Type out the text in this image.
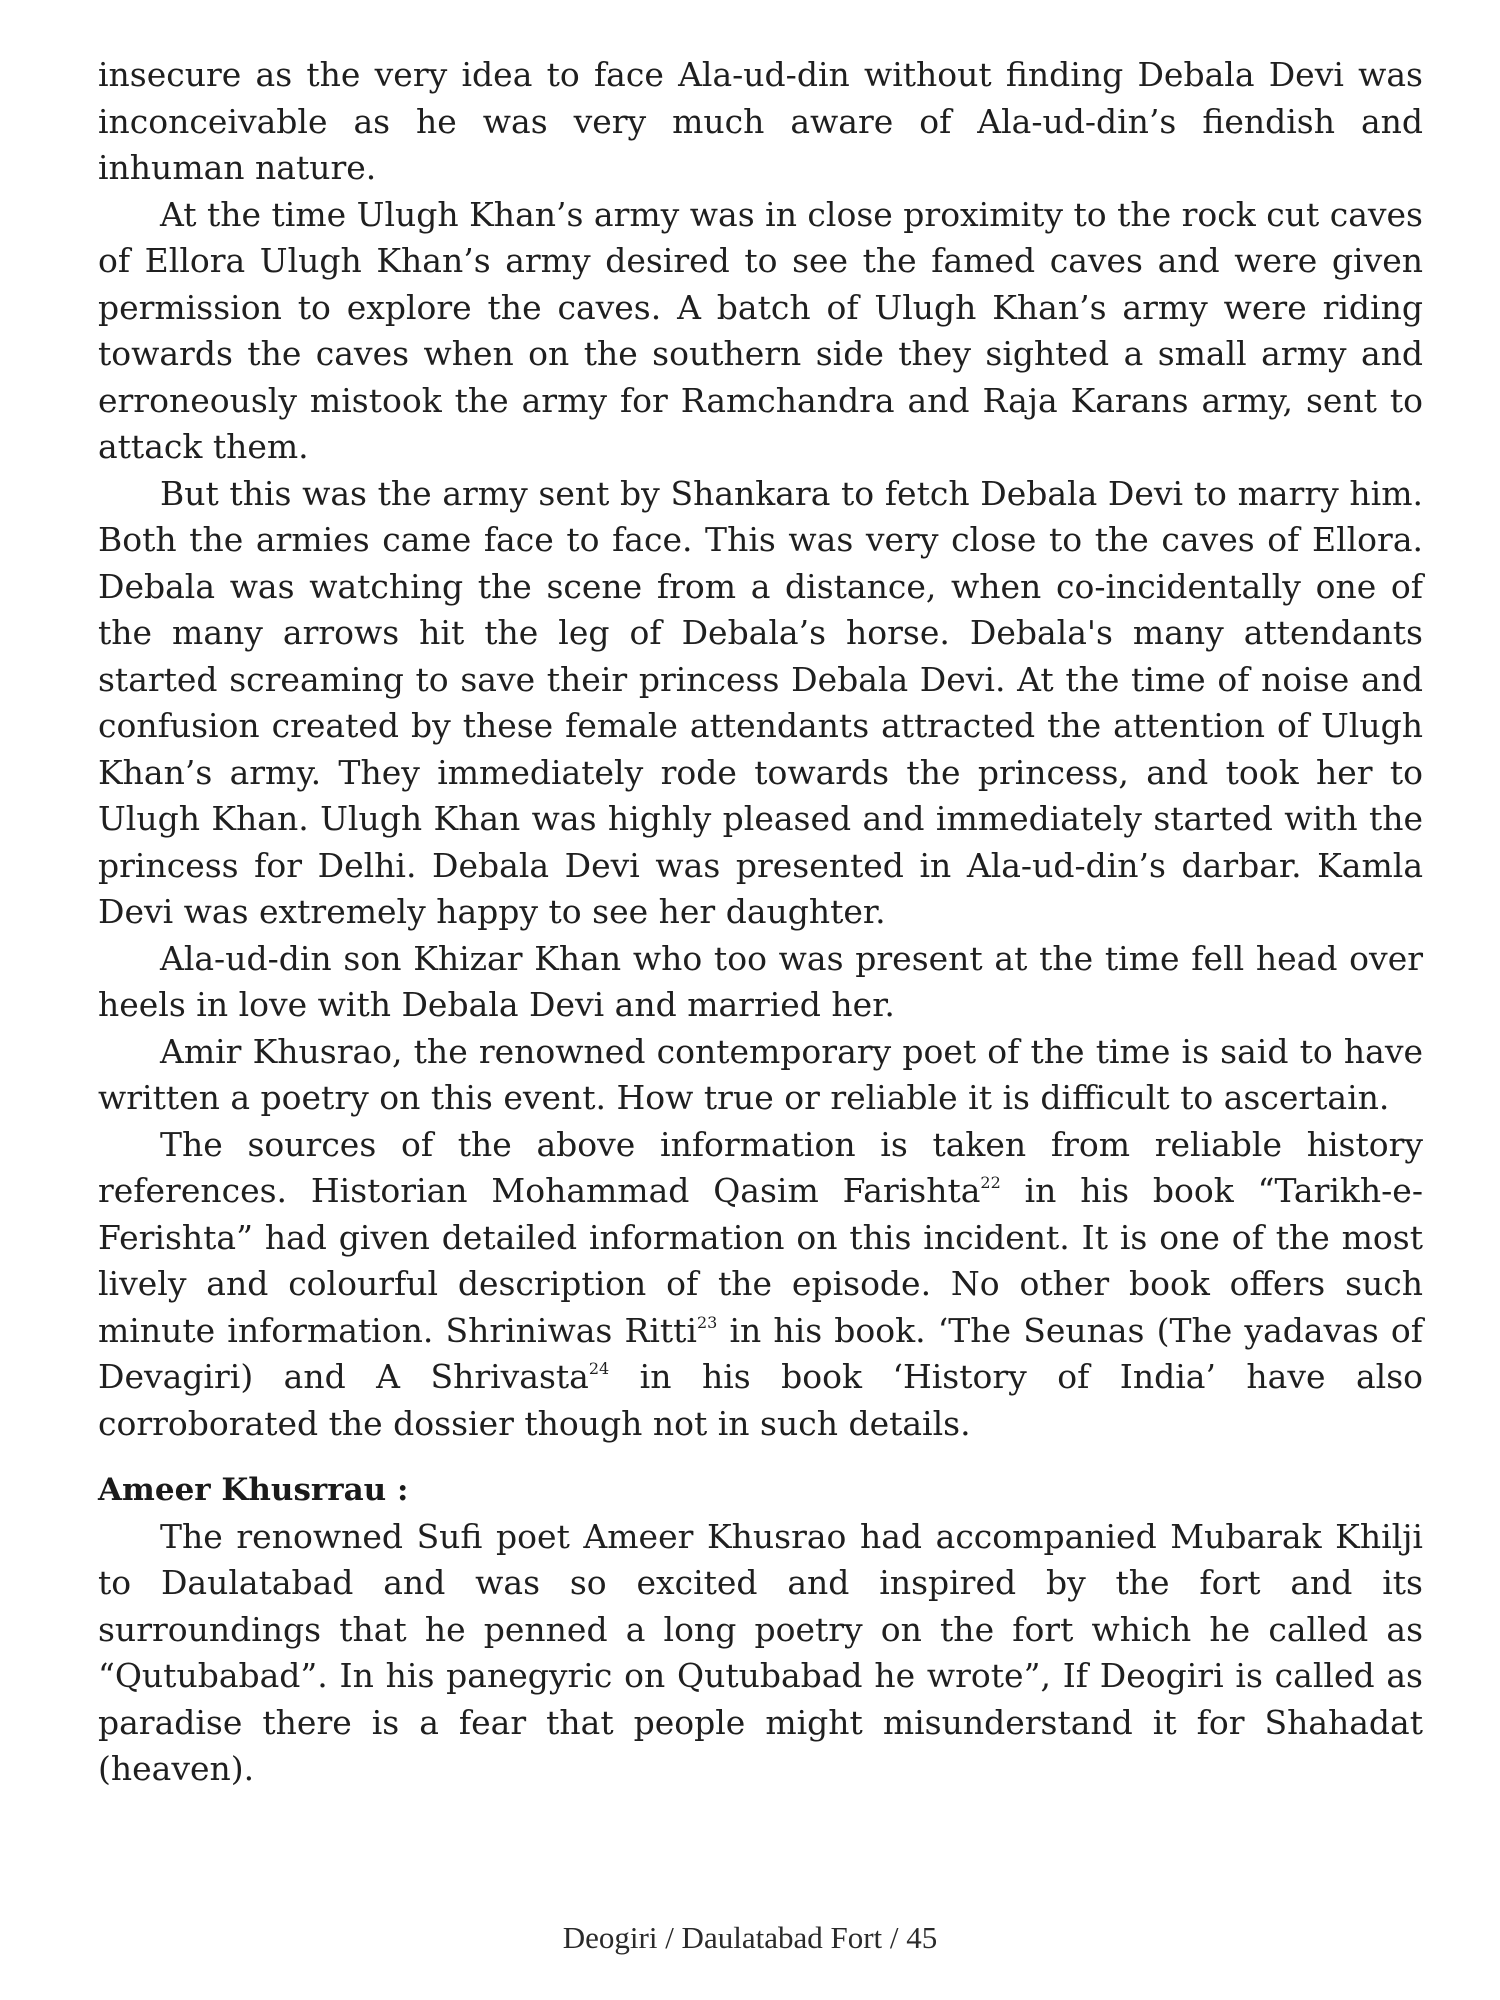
insecure as the very idea to face Ala-ud-din without finding Debala Devi was inconceivable as he was very much aware of Ala-ud-din’s fiendish and inhuman nature.

At the time Ulugh Khan’s army was in close proximity to the rock cut caves of Ellora Ulugh Khan’s army desired to see the famed caves and were given permission to explore the caves. A batch of Ulugh Khan’s army were riding towards the caves when on the southern side they sighted a small army and erroneously mistook the army for Ramchandra and Raja Karans army, sent to attack them.

But this was the army sent by Shankara to fetch Debala Devi to marry him. Both the armies came face to face. This was very close to the caves of Ellora. Debala was watching the scene from a distance, when co-incidentally one of the many arrows hit the leg of Debala’s horse. Debala's many attendants started screaming to save their princess Debala Devi. At the time of noise and confusion created by these female attendants attracted the attention of Ulugh Khan’s army. They immediately rode towards the princess, and took her to Ulugh Khan. Ulugh Khan was highly pleased and immediately started with the princess for Delhi. Debala Devi was presented in Ala-ud-din’s darbar. Kamla Devi was extremely happy to see her daughter.

Ala-ud-din son Khizar Khan who too was present at the time fell head over heels in love with Debala Devi and married her.

Amir Khusrao, the renowned contemporary poet of the time is said to have written a poetry on this event. How true or reliable it is difficult to ascertain.

The sources of the above information is taken from reliable history references. Historian Mohammad Qasim Farishta$^{22}$ in his book “Tarikh-e-Ferishta” had given detailed information on this incident. It is one of the most lively and colourful description of the episode. No other book offers such minute information. Shriniwas Ritti$^{23}$ in his book. ‘The Seunas (The yadavas of Devagiri) and A Shrivasta$^{24}$ in his book ‘History of India’ have also corroborated the dossier though not in such details.

Ameer Khusrrau :

The renowned Sufi poet Ameer Khusrao had accompanied Mubarak Khilji to Daulatabad and was so excited and inspired by the fort and its surroundings that he penned a long poetry on the fort which he called as “Qutubabad”. In his panegyric on Qutubabad he wrote”, If Deogiri is called as paradise there is a fear that people might misunderstand it for Shahadat (heaven).

Deogiri / Daulatabad Fort / 45
